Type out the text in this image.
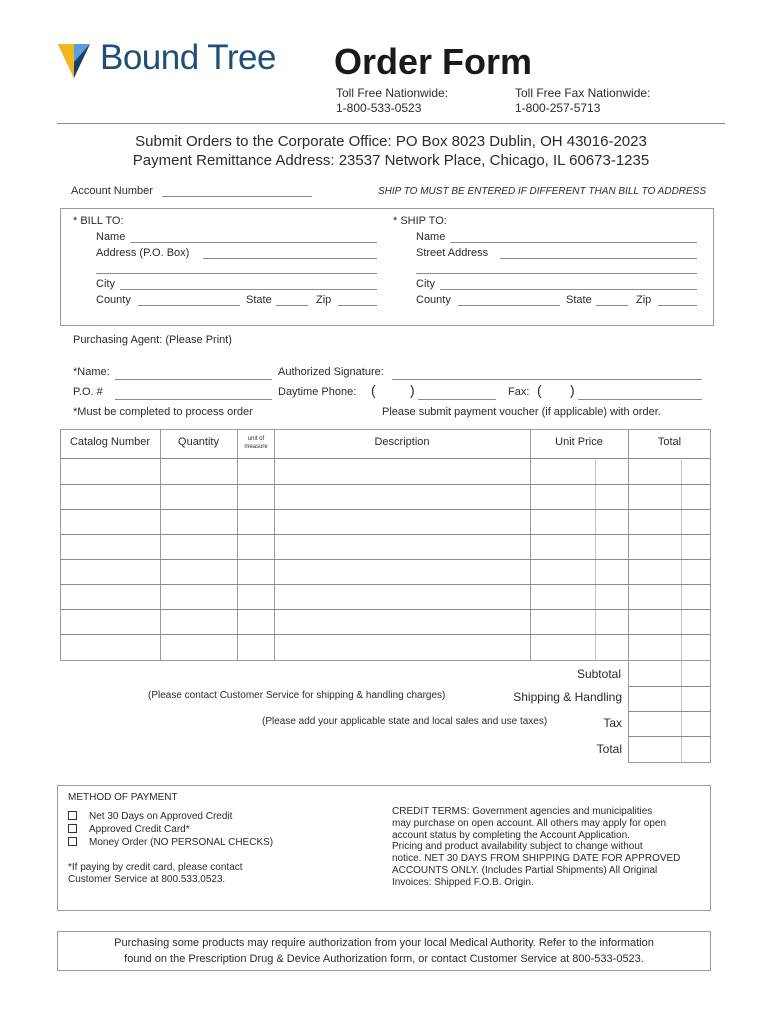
Bound Tree Order Form
Toll Free Nationwide:
1-800-533-0523
Toll Free Fax Nationwide:
1-800-257-5713
Submit Orders to the Corporate Office: PO Box 8023 Dublin, OH 43016-2023
Payment Remittance Address: 23537 Network Place, Chicago, IL 60673-1235
Account Number	SHIP TO MUST BE ENTERED IF DIFFERENT THAN BILL TO ADDRESS
* BILL TO:
Name
Address (P.O. Box)
City
County	State	Zip
* SHIP TO:
Name
Street Address
City
County	State	Zip
Purchasing Agent: (Please Print)
*Name:	Authorized Signature:
P.O. #	Daytime Phone: ( )	Fax: ( )
*Must be completed to process order	Please submit payment voucher (if applicable) with order.
Catalog Number	Quantity	unit of measure	Description	Unit Price	Total
Subtotal
(Please contact Customer Service for shipping & handling charges)	Shipping & Handling
(Please add your applicable state and local sales and use taxes)	Tax
Total
METHOD OF PAYMENT
Net 30 Days on Approved Credit
Approved Credit Card*
Money Order (NO PERSONAL CHECKS)
*If paying by credit card, please contact
Customer Service at 800.533.0523.
CREDIT TERMS: Government agencies and municipalities
may purchase on open account. All others may apply for open
account status by completing the Account Application.
Pricing and product availability subject to change without
notice. NET 30 DAYS FROM SHIPPING DATE FOR APPROVED
ACCOUNTS ONLY. (Includes Partial Shipments) All Original
Invoices: Shipped F.O.B. Origin.
Purchasing some products may require authorization from your local Medical Authority. Refer to the information
found on the Prescription Drug & Device Authorization form, or contact Customer Service at 800-533-0523.
